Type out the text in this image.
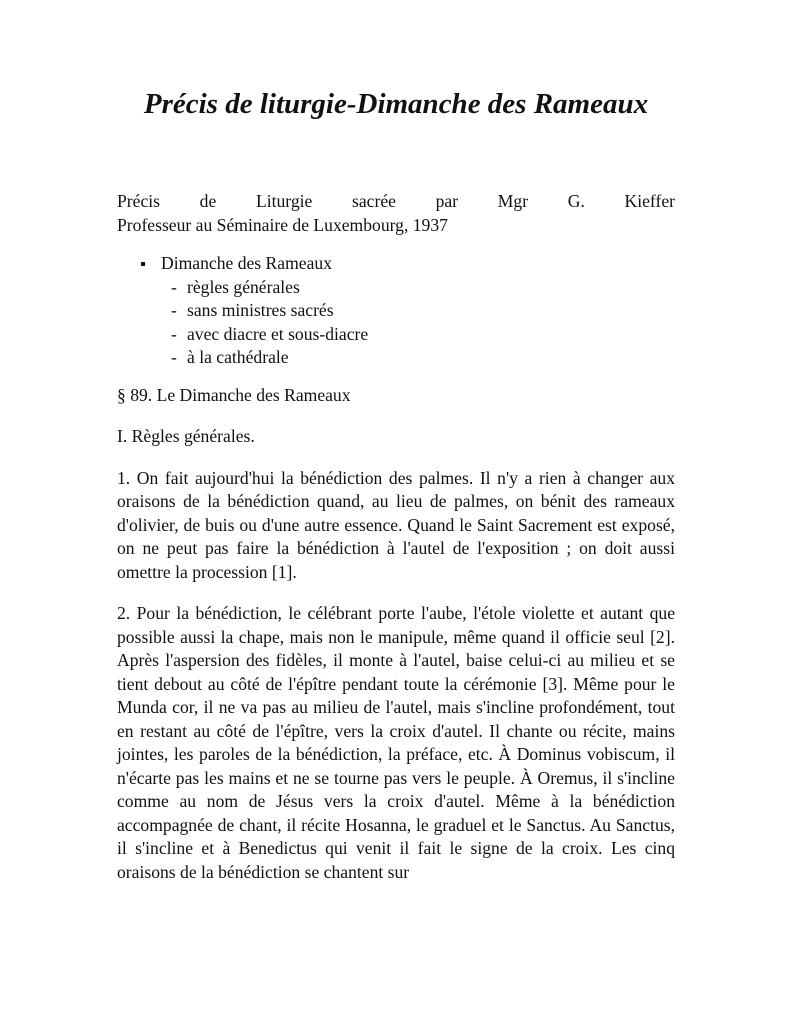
Précis de liturgie-Dimanche des Rameaux

Précis de Liturgie sacrée par Mgr G. Kieffer
Professeur au Séminaire de Luxembourg, 1937

Dimanche des Rameaux
- règles générales
- sans ministres sacrés
- avec diacre et sous-diacre
- à la cathédrale

§ 89. Le Dimanche des Rameaux

I. Règles générales.

1. On fait aujourd'hui la bénédiction des palmes. Il n'y a rien à changer aux oraisons de la bénédiction quand, au lieu de palmes, on bénit des rameaux d'olivier, de buis ou d'une autre essence. Quand le Saint Sacrement est exposé, on ne peut pas faire la bénédiction à l'autel de l'exposition ; on doit aussi omettre la procession [1].

2. Pour la bénédiction, le célébrant porte l'aube, l'étole violette et autant que possible aussi la chape, mais non le manipule, même quand il officie seul [2]. Après l'aspersion des fidèles, il monte à l'autel, baise celui-ci au milieu et se tient debout au côté de l'épître pendant toute la cérémonie [3]. Même pour le Munda cor, il ne va pas au milieu de l'autel, mais s'incline profondément, tout en restant au côté de l'épître, vers la croix d'autel. Il chante ou récite, mains jointes, les paroles de la bénédiction, la préface, etc. À Dominus vobiscum, il n'écarte pas les mains et ne se tourne pas vers le peuple. À Oremus, il s'incline comme au nom de Jésus vers la croix d'autel. Même à la bénédiction accompagnée de chant, il récite Hosanna, le graduel et le Sanctus. Au Sanctus, il s'incline et à Benedictus qui venit il fait le signe de la croix. Les cinq oraisons de la bénédiction se chantent sur
